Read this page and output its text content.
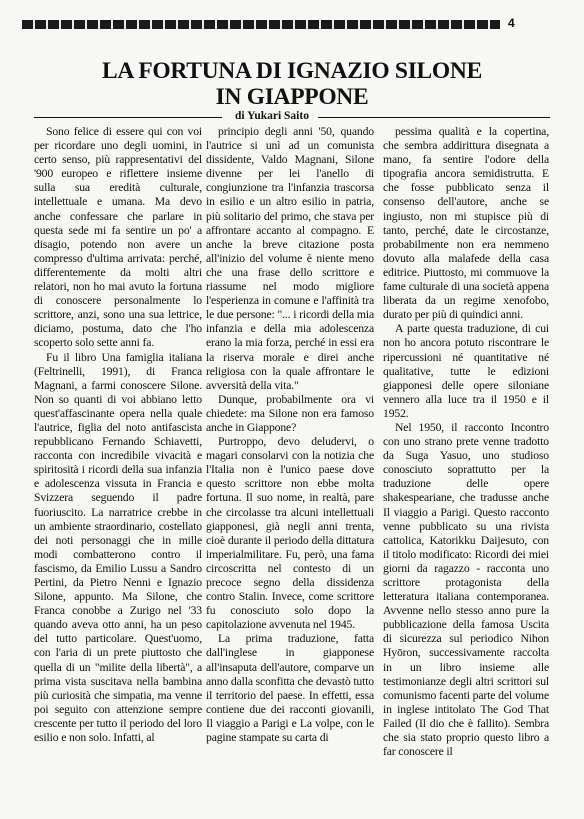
4
LA FORTUNA DI IGNAZIO SILONE
IN GIAPPONE
di Yukari Saito

Sono felice di essere qui con voi per ricordare uno degli uomini, in certo senso, più rappresentativi del '900 europeo e riflettere insieme sulla sua eredità culturale, intellettuale e umana. Ma devo anche confessare che parlare in questa sede mi fa sentire un po' a disagio, potendo non avere un compresso d'ultima arrivata: perché, differentemente da molti altri relatori, non ho mai avuto la fortuna di conoscere personalmente lo scrittore, anzi, sono una sua lettrice, diciamo, postuma, dato che l'ho scoperto solo sette anni fa.

Fu il libro Una famiglia italiana (Feltrinelli, 1991), di Franca Magnani, a farmi conoscere Silone. Non so quanti di voi abbiano letto quest'affascinante opera nella quale l'autrice, figlia del noto antifascista repubblicano Fernando Schiavetti, racconta con incredibile vivacità e spiritosità i ricordi della sua infanzia e adolescenza vissuta in Francia e Svizzera seguendo il padre fuoriuscito. La narratrice crebbe in un ambiente straordinario, costellato dei noti personaggi che in mille modi combatterono contro il fascismo, da Emilio Lussu a Sandro Pertini, da Pietro Nenni e Ignazio Silone, appunto. Ma Silone, che Franca conobbe a Zurigo nel '33 quando aveva otto anni, ha un peso del tutto particolare. Quest'uomo, con l'aria di un prete piuttosto che quella di un "milite della libertà", a prima vista suscitava nella bambina più curiosità che simpatia, ma venne poi seguito con attenzione sempre crescente per tutto il periodo del loro esilio e non solo. Infatti, al

principio degli anni '50, quando l'autrice si unì ad un comunista dissidente, Valdo Magnani, Silone divenne per lei l'anello di congiunzione tra l'infanzia trascorsa in esilio e un altro esilio in patria, più solitario del primo, che stava per affrontare accanto al compagno. E anche la breve citazione posta all'inizio del volume è niente meno che una frase dello scrittore e riassume nel modo migliore l'esperienza in comune e l'affinità tra le due persone: "... i ricordi della mia infanzia e della mia adolescenza erano la mia forza, perché in essi era la riserva morale e direi anche religiosa con la quale affrontare le avversità della vita."

Dunque, probabilmente ora vi chiedete: ma Silone non era famoso anche in Giappone?

Purtroppo, devo deludervi, o magari consolarvi con la notizia che l'Italia non è l'unico paese dove questo scrittore non ebbe molta fortuna. Il suo nome, in realtà, pare che circolasse tra alcuni intellettuali giapponesi, già negli anni trenta, cioè durante il periodo della dittatura imperialmilitare. Fu, però, una fama circoscritta nel contesto di un precoce segno della dissidenza contro Stalin. Invece, come scrittore fu conosciuto solo dopo la capitolazione avvenuta nel 1945.

La prima traduzione, fatta dall'inglese in giapponese all'insaputa dell'autore, comparve un anno dalla sconfitta che devastò tutto il territorio del paese. In effetti, essa contiene due dei racconti giovanili, Il viaggio a Parigi e La volpe, con le pagine stampate su carta di

pessima qualità e la copertina, che sembra addirittura disegnata a mano, fa sentire l'odore della tipografia ancora semidistrutta. E che fosse pubblicato senza il consenso dell'autore, anche se ingiusto, non mi stupisce più di tanto, perché, date le circostanze, probabilmente non era nemmeno dovuto alla malafede della casa editrice. Piuttosto, mi commuove la fame culturale di una società appena liberata da un regime xenofobo, durato per più di quindici anni.

A parte questa traduzione, di cui non ho ancora potuto riscontrare le ripercussioni né quantitative né qualitative, tutte le edizioni giapponesi delle opere siloniane vennero alla luce tra il 1950 e il 1952.

Nel 1950, il racconto Incontro con uno strano prete venne tradotto da Suga Yasuo, uno studioso conosciuto soprattutto per la traduzione delle opere shakespeariane, che tradusse anche Il viaggio a Parigi. Questo racconto venne pubblicato su una rivista cattolica, Katorikku Daijesuto, con il titolo modificato: Ricordi dei miei giorni da ragazzo - racconta uno scrittore protagonista della letteratura italiana contemporanea. Avvenne nello stesso anno pure la pubblicazione della famosa Uscita di sicurezza sul periodico Nihon Hyōron, successivamente raccolta in un libro insieme alle testimonianze degli altri scrittori sul comunismo facenti parte del volume in inglese intitolato The God That Failed (Il dio che è fallito). Sembra che sia stato proprio questo libro a far conoscere il
